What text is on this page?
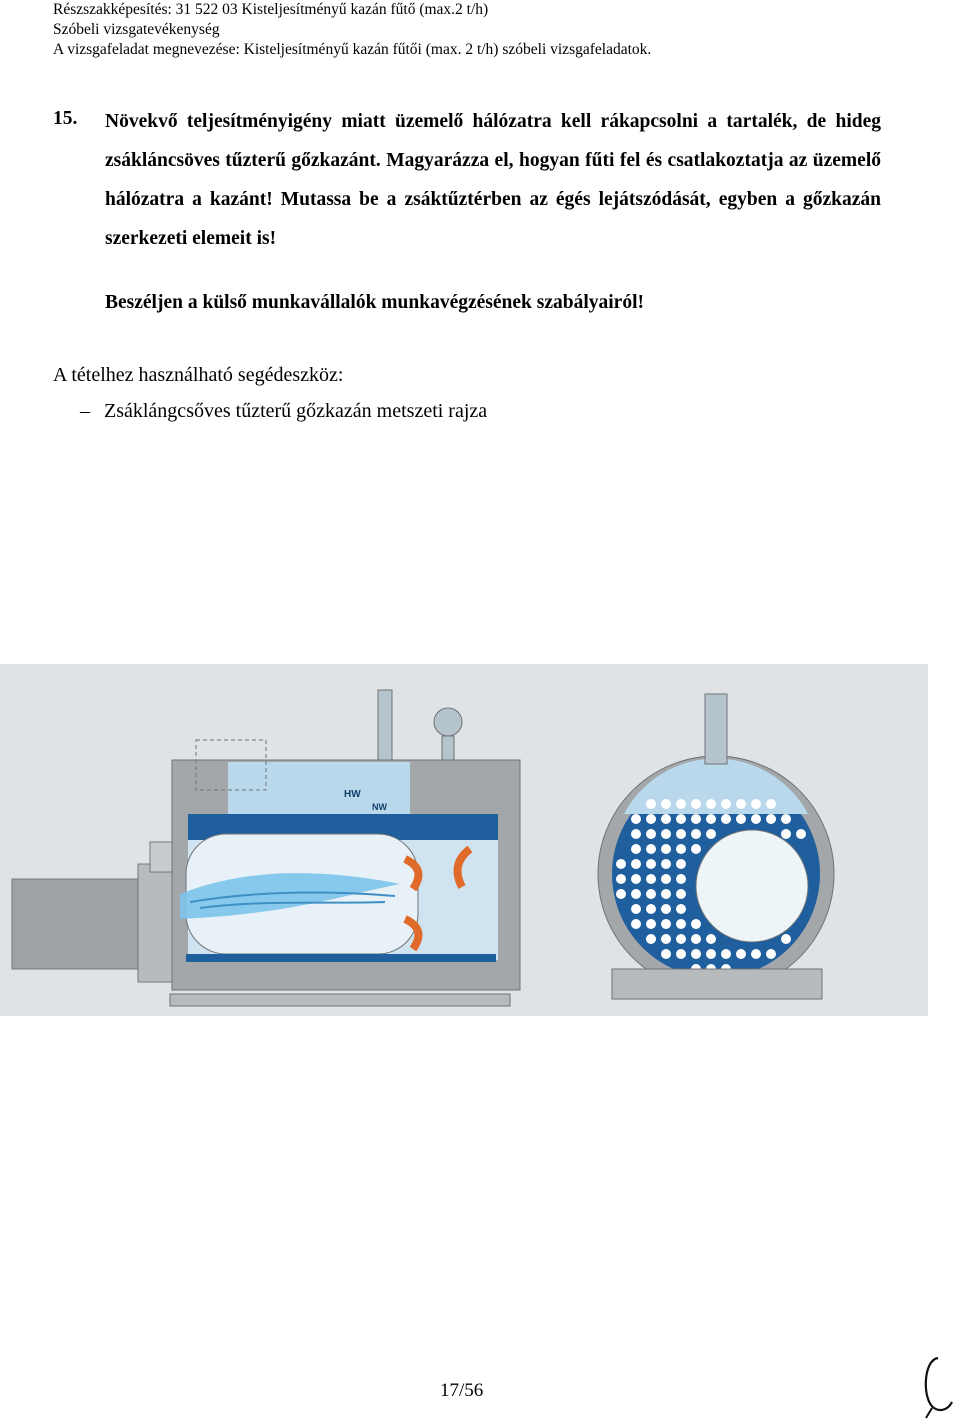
Részszakképesítés: 31 522 03 Kisteljesítményű kazán fűtő (max.2 t/h)
Szóbeli vizsgatevékenység
A vizsgafeladat megnevezése: Kisteljesítményű kazán fűtői (max. 2 t/h) szóbeli vizsgafeladatok.
15. Növekvő teljesítményigény miatt üzemelő hálózatra kell rákapcsolni a tartalék, de hideg zsákláncsöves tűzterű gőzkazánt. Magyarázza el, hogyan fűti fel és csatlakoztatja az üzemelő hálózatra a kazánt! Mutassa be a zsáktűztérben az égés lejátszódását, egyben a gőzkazán szerkezeti elemeit is!

Beszéljen a külső munkavállalók munkavégzésének szabályairól!
A tételhez használható segédeszköz:
– Zsáklángcsőves tűzterű gőzkazán metszeti rajza
HW
NW
17/56
